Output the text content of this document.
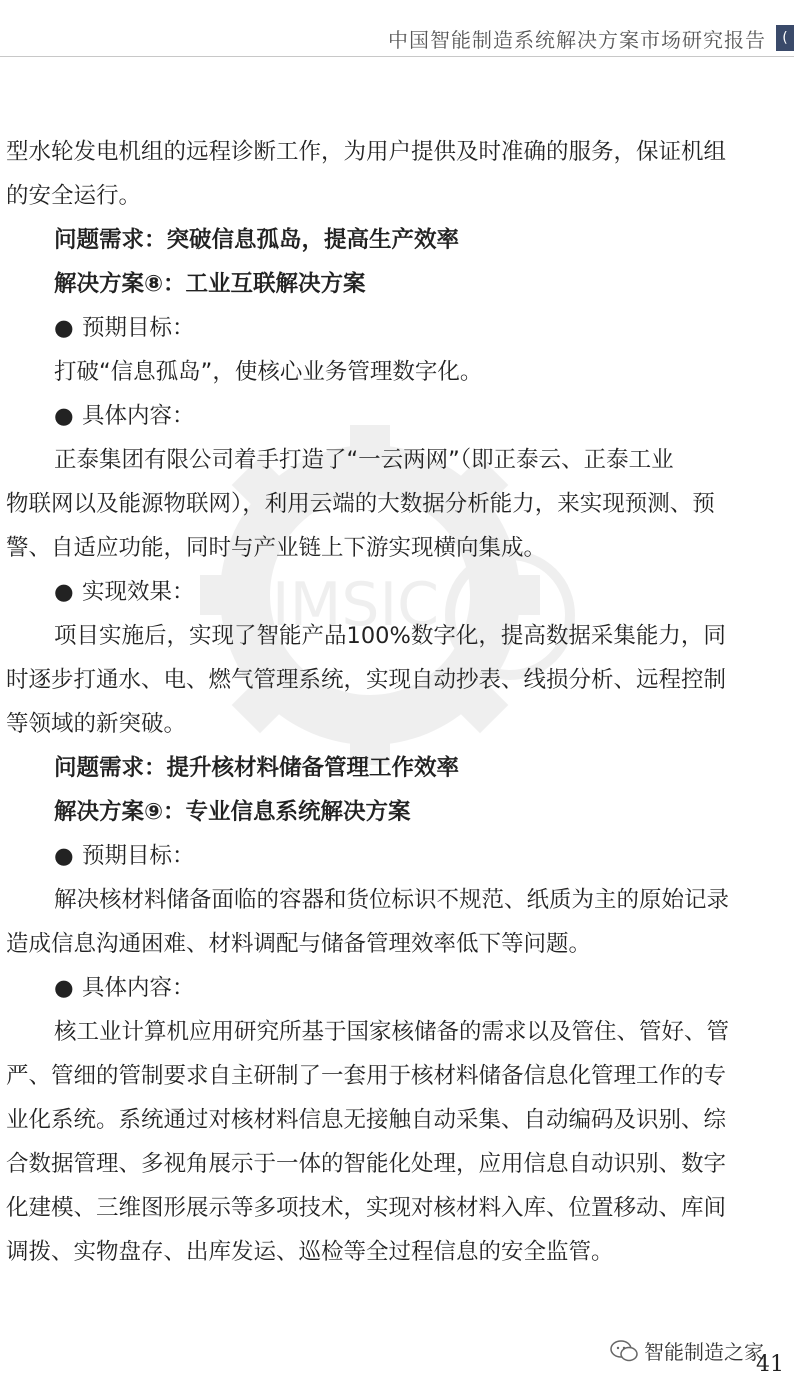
中国智能制造系统解决方案市场研究报告	(
CIMSIC
型水轮发电机组的远程诊断工作，为用户提供及时准确的服务，保证机组
的安全运行。
问题需求：突破信息孤岛，提高生产效率
解决方案⑧：工业互联解决方案
● 预期目标：
打破“信息孤岛”，使核心业务管理数字化。
● 具体内容：
正泰集团有限公司着手打造了“一云两网”（即正泰云、正泰工业
物联网以及能源物联网），利用云端的大数据分析能力，来实现预测、预
警、自适应功能，同时与产业链上下游实现横向集成。
● 实现效果：
项目实施后，实现了智能产品100%数字化，提高数据采集能力，同
时逐步打通水、电、燃气管理系统，实现自动抄表、线损分析、远程控制
等领域的新突破。
问题需求：提升核材料储备管理工作效率
解决方案⑨：专业信息系统解决方案
● 预期目标：
解决核材料储备面临的容器和货位标识不规范、纸质为主的原始记录
造成信息沟通困难、材料调配与储备管理效率低下等问题。
● 具体内容：
核工业计算机应用研究所基于国家核储备的需求以及管住、管好、管
严、管细的管制要求自主研制了一套用于核材料储备信息化管理工作的专
业化系统。系统通过对核材料信息无接触自动采集、自动编码及识别、综
合数据管理、多视角展示于一体的智能化处理，应用信息自动识别、数字
化建模、三维图形展示等多项技术，实现对核材料入库、位置移动、库间
调拨、实物盘存、出库发运、巡检等全过程信息的安全监管。
智能制造之家
41
